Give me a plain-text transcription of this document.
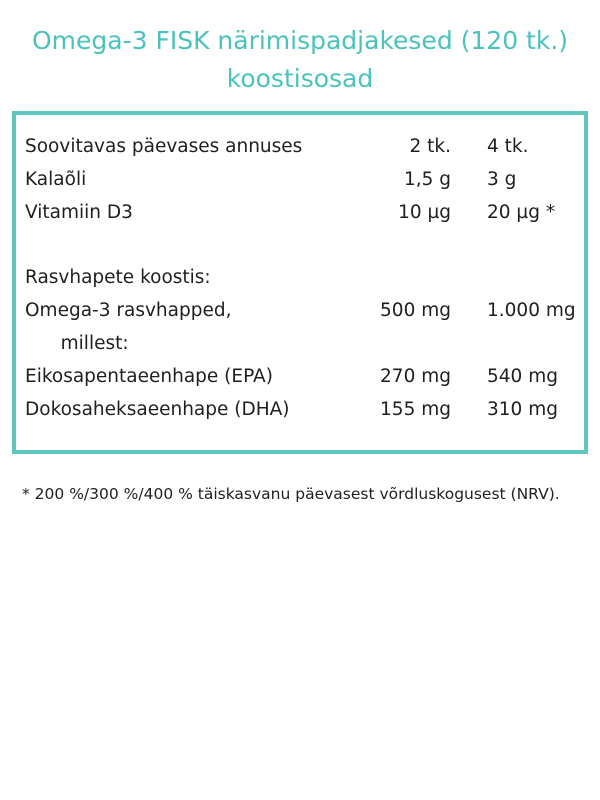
Omega-3 FISK närimispadjakesed (120 tk.)
koostisosad
Soovitavas päevases annuses	2 tk. 4 tk.
Kalaõli	1,5 g 3 g
Vitamiin D3	10 µg 20 µg *
Rasvhapete koostis:
Omega-3 rasvhapped,	500 mg 1.000 mg
millest:
Eikosapentaeenhape (EPA)	270 mg 540 mg
Dokosaheksaeenhape (DHA)	155 mg 310 mg
* 200 %/300 %/400 % täiskasvanu päevasest võrdluskogusest (NRV).
